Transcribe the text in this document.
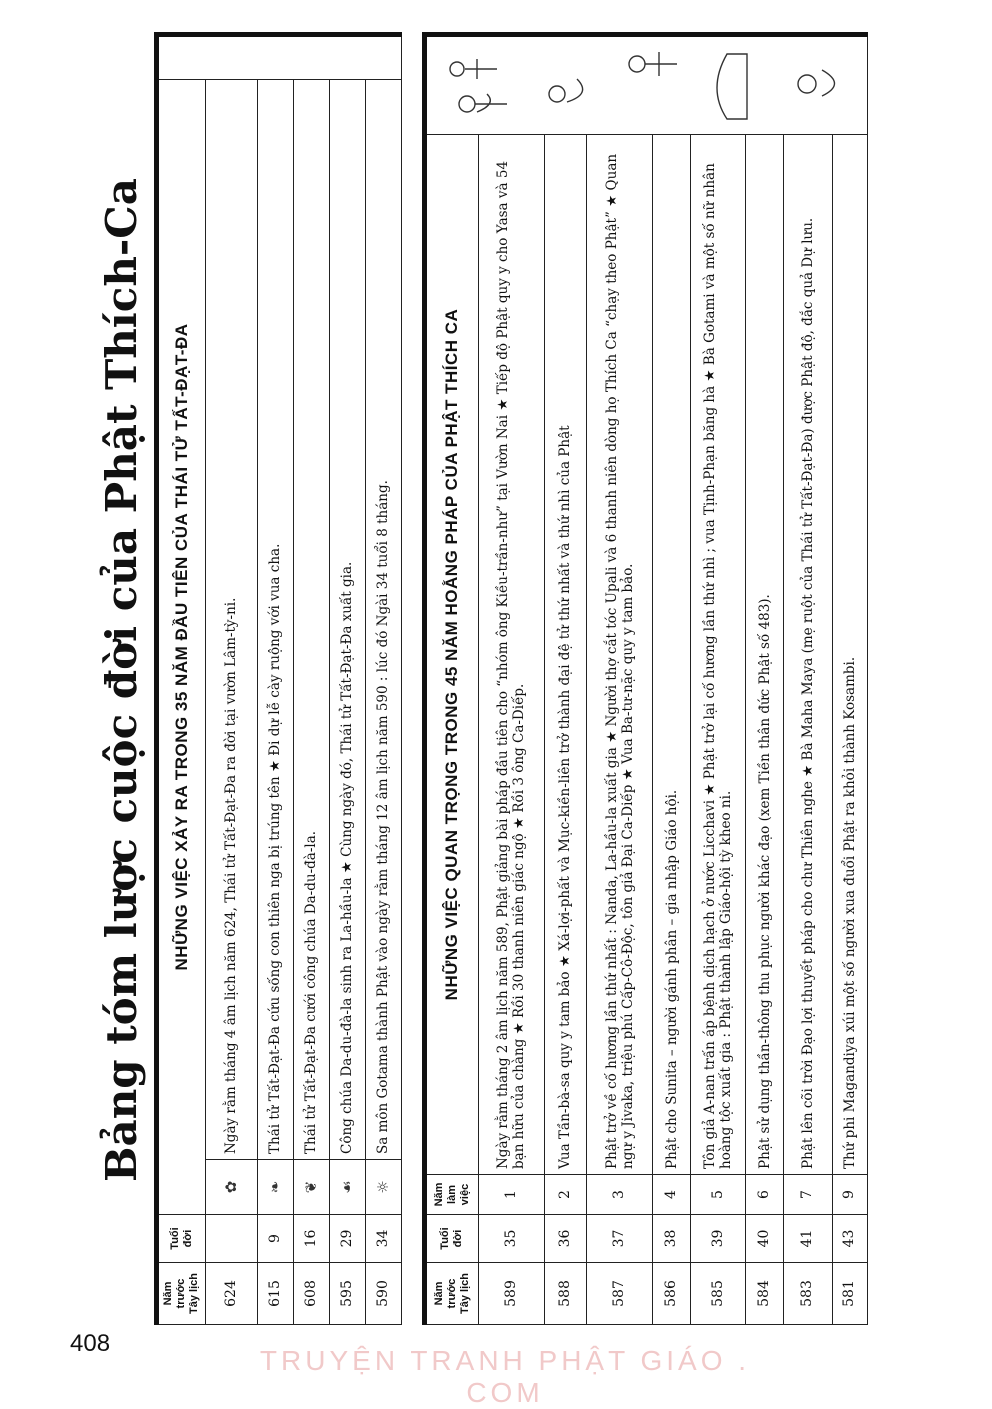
408
TRUYỆN TRANH PHẬT GIÁO . COM
Bảng tóm lược cuộc đời của Phật Thích-Ca
Năm trước Tây lịch	Tuổi đời	NHỮNG VIỆC XẢY RA TRONG 35 NĂM ĐẦU TIÊN CỦA THÁI TỬ TẤT-ĐẠT-ĐA		
624		✿	Ngày rằm tháng 4 âm lịch năm 624, Thái tử Tất-Đạt-Đa ra đời tại vườn Lâm-tỳ-ni.	
615	9	❧	Thái tử Tất-Đạt-Đa cứu sống con thiên nga bị trúng tên ★ Đi dự lễ cày ruộng với vua cha.	
608	16	❦	Thái tử Tất-Đạt-Đa cưới công chúa Da-du-đà-la.	
595	29	☙	Công chúa Da-du-đà-la sinh ra La-hầu-la ★ Cùng ngày đó, Thái tử Tất-Đạt-Đa xuất gia.	
590	34	☼	Sa môn Gotama thành Phật vào ngày rằm tháng 12 âm lịch năm 590 : lúc đó Ngài 34 tuổi 8 tháng.	
Năm trước Tây lịch	Tuổi đời	Năm làm việc	NHỮNG VIỆC QUAN TRỌNG TRONG 45 NĂM HOẰNG PHÁP CỦA PHẬT THÍCH CA	

589	35	1	Ngày rằm tháng 2 âm lịch năm 589, Phật giảng bài pháp đầu tiên cho “nhóm ông Kiều-trần-như” tại Vườn Nai ★ Tiếp độ Phật quy y cho Yasa và 54 bạn hữu của chàng ★ Rồi 30 thanh niên giác ngộ ★ Rồi 3 ông Ca-Diếp.	
588	36	2	Vua Tần-bà-sa quy y tam bảo ★ Xá-lợi-phất và Mục-kiền-liên trở thành đại đệ tử thứ nhất và thứ nhì của Phật	
587	37	3	Phật trở về cố hương lần thứ nhất : Nanda, La-hầu-la xuất gia ★ Người thợ cắt tóc Upali và 6 thanh niên dòng họ Thích Ca “chạy theo Phật” ★ Quan ngự y Jivaka, triệu phú Cấp-Cô-Độc, tôn giả Đại Ca-Diếp ★ Vua Ba-tư-nặc quy y tam bảo.	
586	38	4	Phật cho Sunita – người gánh phân – gia nhập Giáo hội.	
585	39	5	Tôn giả A-nan trấn áp bệnh dịch hạch ở nước Licchavi ★ Phật trở lại cố hương lần thứ nhì ; vua Tịnh-Phạn băng hà ★ Bà Gotami và một số nữ nhân hoàng tộc xuất gia : Phật thành lập Giáo-hội tỳ kheo ni.	
584	40	6	Phật sử dụng thần-thông thu phục người khác đạo (xem Tiền thân đức Phật số 483).	
583	41	7	Phật lên cõi trời Đạo lợi thuyết pháp cho chư Thiên nghe ★ Bà Maha Maya (mẹ ruột của Thái tử Tất-Đạt-Đa) được Phật độ, đắc quả Dự lưu.	
581	43	9	Thứ phi Magandiya xúi một số người xua đuổi Phật ra khỏi thành Kosambi.	
